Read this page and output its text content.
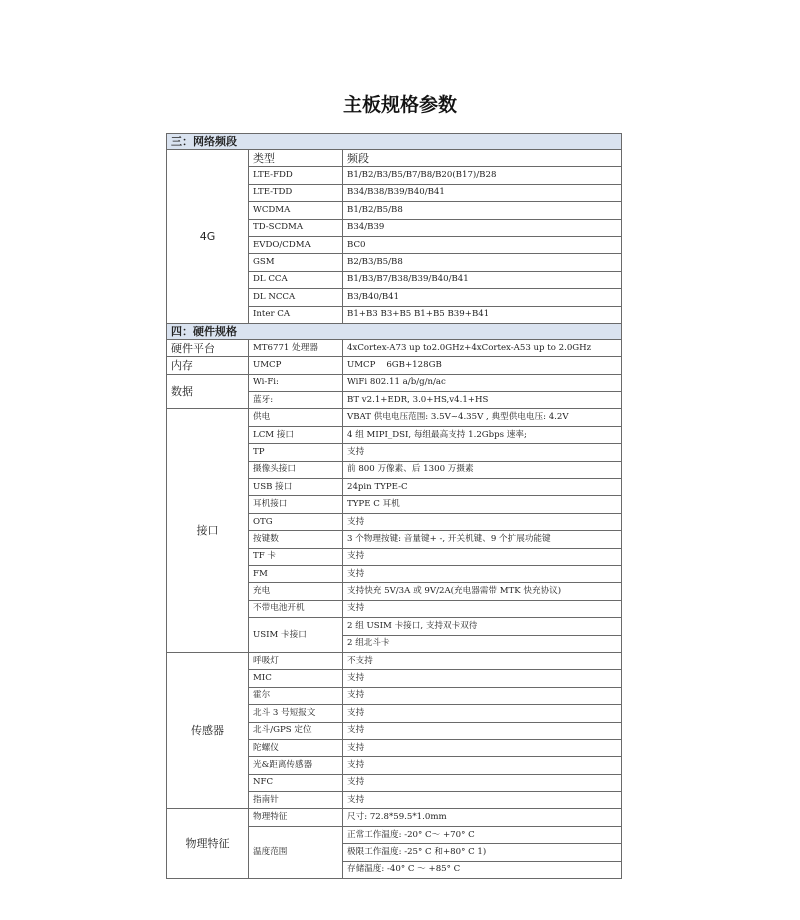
主板规格参数
三：网络频段		
4G	类型	频段
	LTE-FDD	B1/B2/B3/B5/B7/B8/B20(B17)/B28
	LTE-TDD	B34/B38/B39/B40/B41
	WCDMA	B1/B2/B5/B8
	TD-SCDMA	B34/B39
	EVDO/CDMA	BC0
	GSM	B2/B3/B5/B8
	DL CCA	B1/B3/B7/B38/B39/B40/B41
	DL NCCA	B3/B40/B41
	Inter CA	B1+B3 B3+B5 B1+B5 B39+B41
四：硬件规格		
硬件平台	MT6771 处理器	4xCortex-A73 up to2.0GHz+4xCortex-A53 up to 2.0GHz
内存	UMCP	UMCP    6GB+128GB
数据	Wi-Fi:	WiFi 802.11 a/b/g/n/ac
	蓝牙:	BT v2.1+EDR, 3.0+HS,v4.1+HS
接口	供电	VBAT 供电电压范围: 3.5V~4.35V , 典型供电电压: 4.2V
	LCM 接口	4 组 MIPI_DSI, 每组最高支持 1.2Gbps 速率;
	TP	支持
	摄像头接口	前 800 万像素、后 1300 万摄素
	USB 接口	24pin TYPE-C
	耳机接口	TYPE C 耳机
	OTG	支持
	按键数	3 个物理按键: 音量键+ -, 开关机键、9 个扩展功能键
	TF 卡	支持
	FM	支持
	充电	支持快充 5V/3A 或 9V/2A(充电器需带 MTK 快充协议)
	不带电池开机	支持
	USIM 卡接口	2 组 USIM 卡接口, 支持双卡双待
		2 组北斗卡
传感器	呼吸灯	不支持
	MIC	支持
	霍尔	支持
	北斗 3 号短报文	支持
	北斗/GPS 定位	支持
	陀螺仪	支持
	光&距离传感器	支持
	NFC	支持
	指南针	支持
物理特征	物理特征	尺寸: 72.8*59.5*1.0mm
	温度范围	正常工作温度: -20° C～ +70° C
		极限工作温度: -25° C 和+80° C 1)
		存储温度: -40° C ～ +85° C
